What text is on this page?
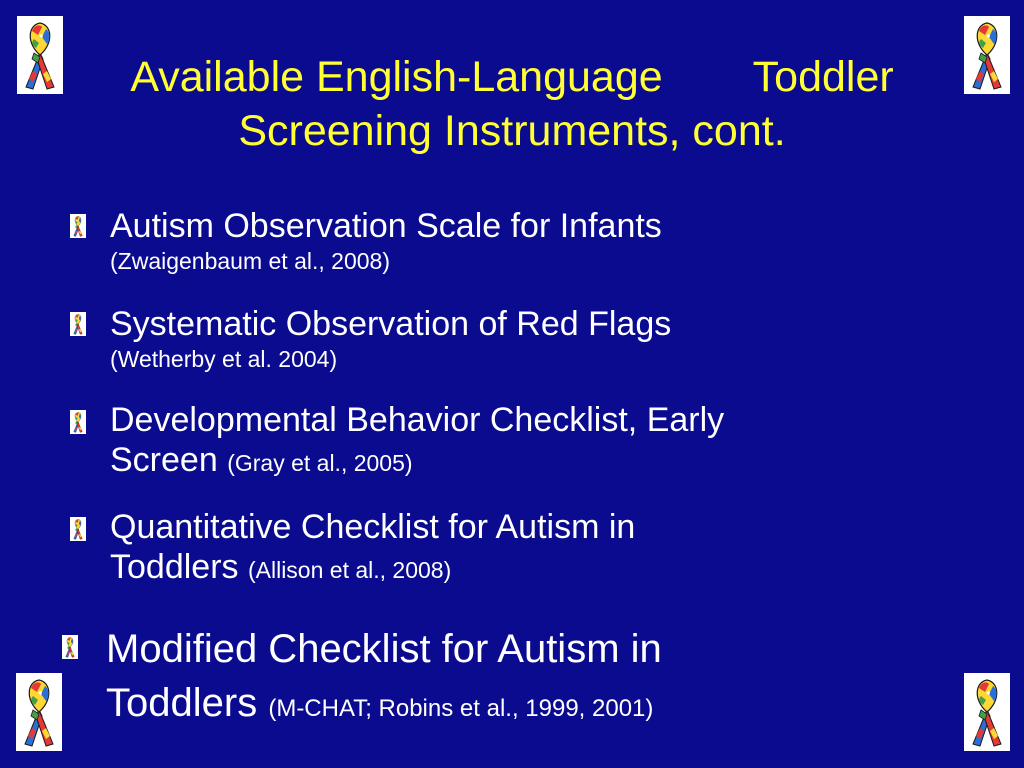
Available English-Language Toddler
Screening Instruments, cont.
Autism Observation Scale for Infants
(Zwaigenbaum et al., 2008)
Systematic Observation of Red Flags
(Wetherby et al. 2004)
Developmental Behavior Checklist, Early
Screen (Gray et al., 2005)
Quantitative Checklist for Autism in
Toddlers (Allison et al., 2008)
Modified Checklist for Autism in
Toddlers (M-CHAT; Robins et al., 1999, 2001)
